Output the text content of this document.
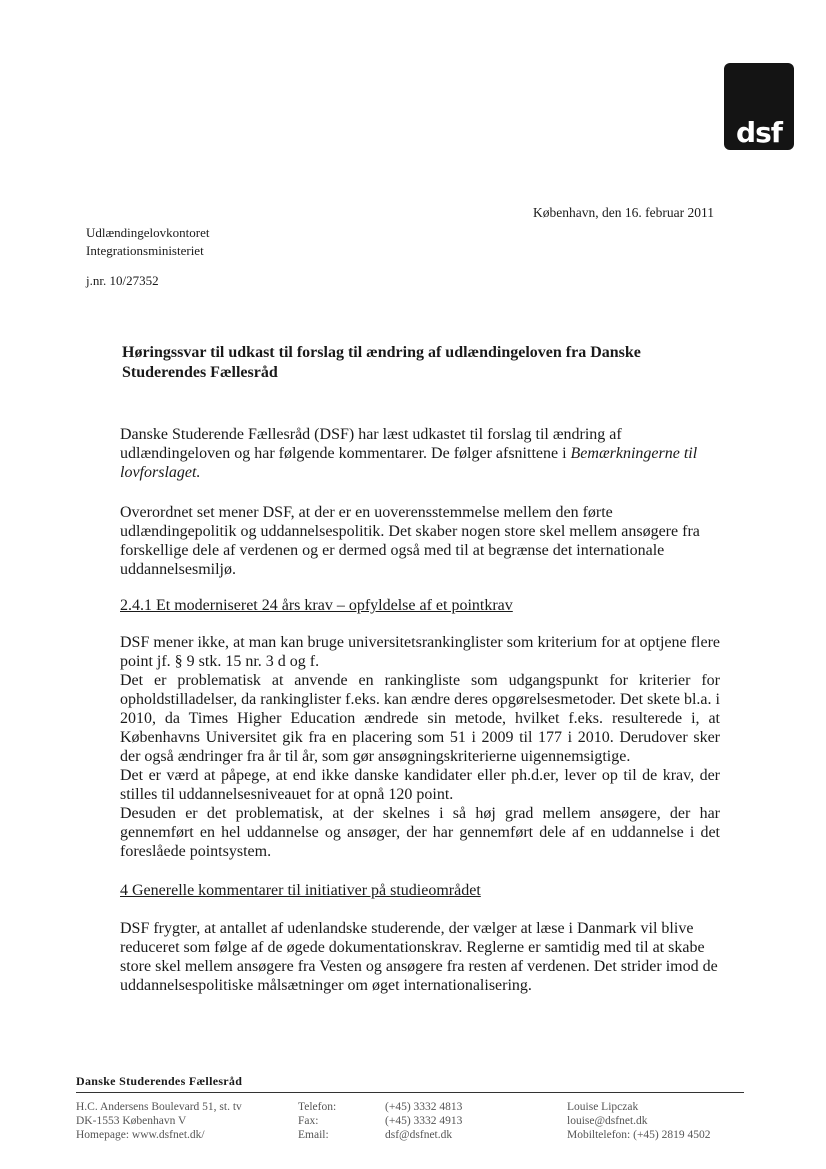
dsf
København, den 16. februar 2011
Udlændingelovkontoret
Integrationsministeriet
j.nr. 10/27352
Høringssvar til udkast til forslag til ændring af udlændingeloven fra Danske Studerendes Fællesråd

Danske Studerende Fællesråd (DSF) har læst udkastet til forslag til ændring af udlændingeloven og har følgende kommentarer. De følger afsnittene i Bemærkningerne til lovforslaget.

Overordnet set mener DSF, at der er en uoverensstemmelse mellem den førte udlændingepolitik og uddannelsespolitik. Det skaber nogen store skel mellem ansøgere fra forskellige dele af verdenen og er dermed også med til at begrænse det internationale uddannelsesmiljø.

2.4.1 Et moderniseret 24 års krav – opfyldelse af et pointkrav

DSF mener ikke, at man kan bruge universitetsrankinglister som kriterium for at optjene flere point jf. § 9 stk. 15 nr. 3 d og f.
Det er problematisk at anvende en rankingliste som udgangspunkt for kriterier for opholdstilladelser, da rankinglister f.eks. kan ændre deres opgørelsesmetoder. Det skete bl.a. i 2010, da Times Higher Education ændrede sin metode, hvilket f.eks. resulterede i, at Københavns Universitet gik fra en placering som 51 i 2009 til 177 i 2010. Derudover sker der også ændringer fra år til år, som gør ansøgningskriterierne uigennemsigtige.
Det er værd at påpege, at end ikke danske kandidater eller ph.d.er, lever op til de krav, der stilles til uddannelsesniveauet for at opnå 120 point.
Desuden er det problematisk, at der skelnes i så høj grad mellem ansøgere, der har gennemført en hel uddannelse og ansøger, der har gennemført dele af en uddannelse i det foreslåede pointsystem.

4 Generelle kommentarer til initiativer på studieområdet

DSF frygter, at antallet af udenlandske studerende, der vælger at læse i Danmark vil blive reduceret som følge af de øgede dokumentationskrav. Reglerne er samtidig med til at skabe store skel mellem ansøgere fra Vesten og ansøgere fra resten af verdenen. Det strider imod de uddannelsespolitiske målsætninger om øget internationalisering.

Danske Studerendes Fællesråd
H.C. Andersens Boulevard 51, st. tv
DK-1553 København V
Homepage: www.dsfnet.dk/
Telefon:
Fax:
Email:
(+45) 3332 4813
(+45) 3332 4913
dsf@dsfnet.dk
Louise Lipczak
louise@dsfnet.dk
Mobiltelefon: (+45) 2819 4502
